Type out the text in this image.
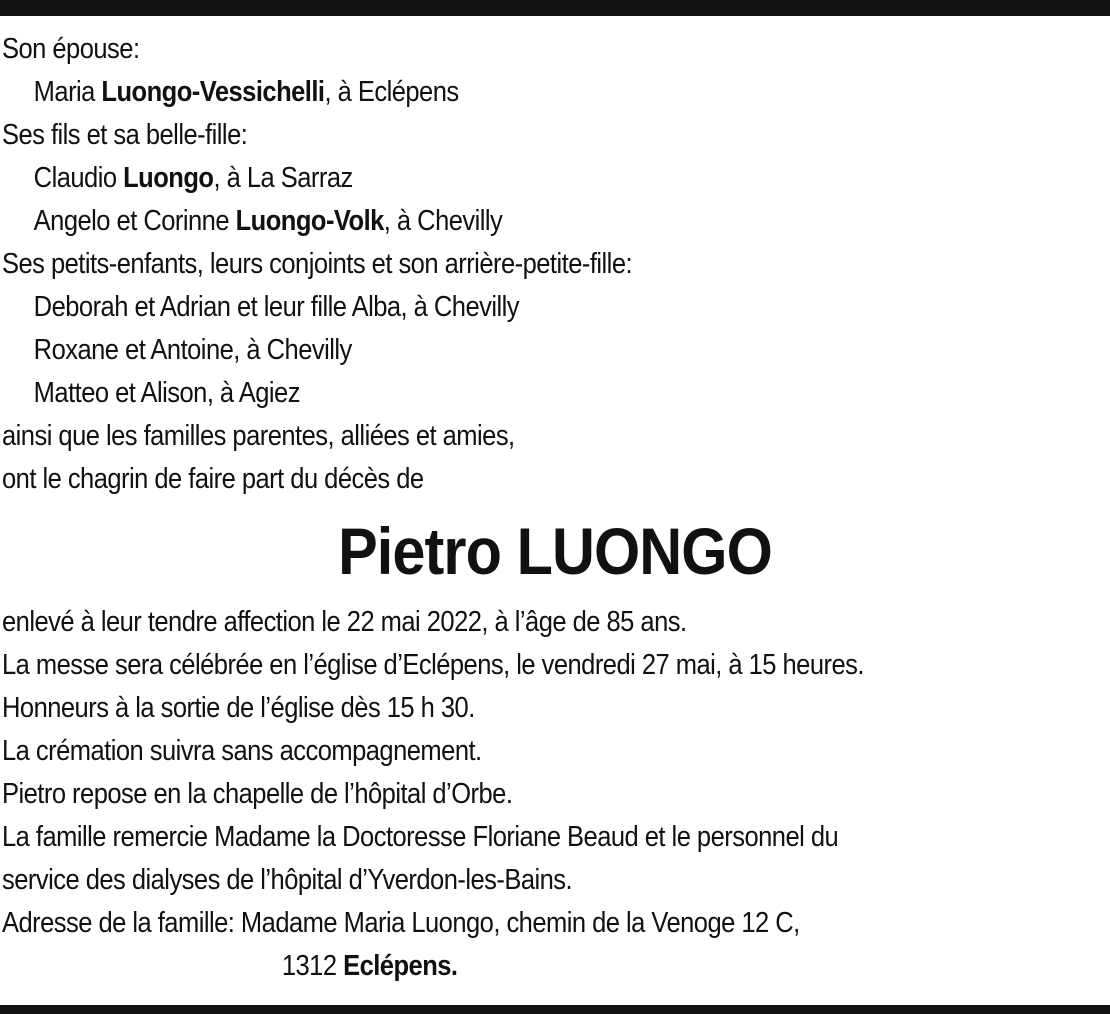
Son épouse:
Maria Luongo-Vessichelli, à Eclépens
Ses fils et sa belle-fille:
Claudio Luongo, à La Sarraz
Angelo et Corinne Luongo-Volk, à Chevilly
Ses petits-enfants, leurs conjoints et son arrière-petite-fille:
Deborah et Adrian et leur fille Alba, à Chevilly
Roxane et Antoine, à Chevilly
Matteo et Alison, à Agiez
ainsi que les familles parentes, alliées et amies,
ont le chagrin de faire part du décès de
Pietro LUONGO
enlevé à leur tendre affection le 22 mai 2022, à l’âge de 85 ans.
La messe sera célébrée en l’église d’Eclépens, le vendredi 27 mai, à 15 heures.
Honneurs à la sortie de l’église dès 15 h 30.
La crémation suivra sans accompagnement.
Pietro repose en la chapelle de l’hôpital d’Orbe.
La famille remercie Madame la Doctoresse Floriane Beaud et le personnel du
service des dialyses de l’hôpital d’Yverdon-les-Bains.
Adresse de la famille: Madame Maria Luongo, chemin de la Venoge 12 C,
1312 Eclépens.
